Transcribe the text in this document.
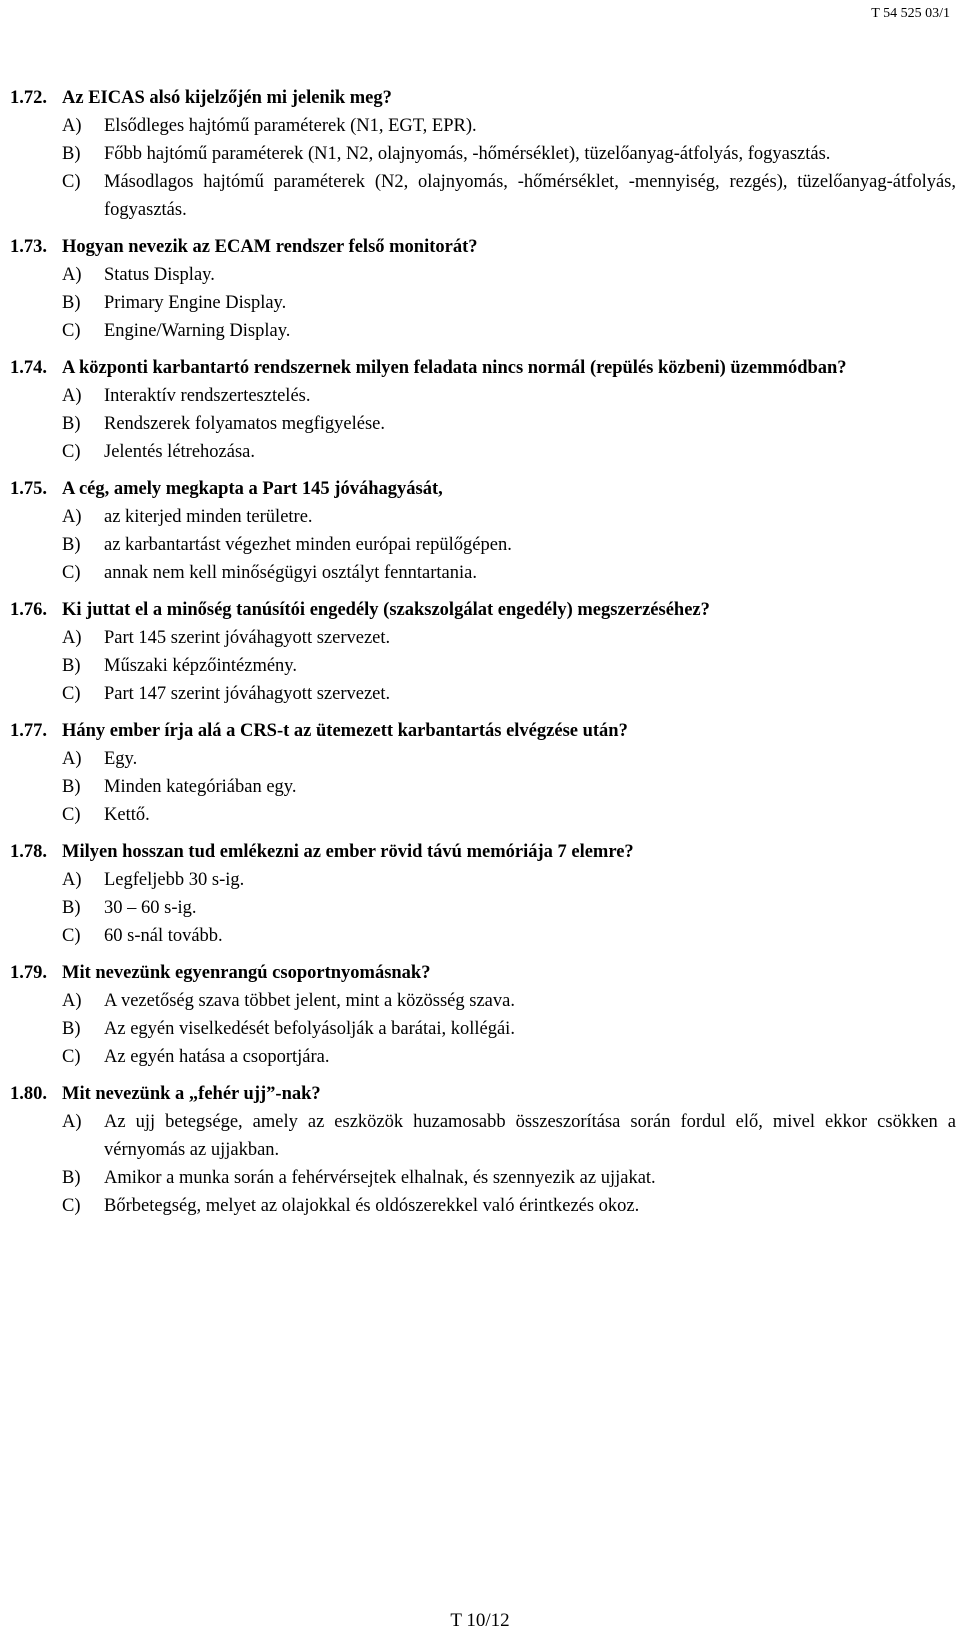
T 54 525 03/1
1.72. Az EICAS alsó kijelzőjén mi jelenik meg?
A)	Elsődleges hajtómű paraméterek (N1, EGT, EPR).
B)	Főbb hajtómű paraméterek (N1, N2, olajnyomás, -hőmérséklet), tüzelőanyag-átfolyás, fogyasztás.
C)	Másodlagos hajtómű paraméterek (N2, olajnyomás, -hőmérséklet, -mennyiség, rezgés), tüzelőanyag-átfolyás, fogyasztás.
1.73. Hogyan nevezik az ECAM rendszer felső monitorát?
A)	Status Display.
B)	Primary Engine Display.
C)	Engine/Warning Display.
1.74. A központi karbantartó rendszernek milyen feladata nincs normál (repülés közbeni) üzemmódban?
A)	Interaktív rendszertesztelés.
B)	Rendszerek folyamatos megfigyelése.
C)	Jelentés létrehozása.
1.75. A cég, amely megkapta a Part 145 jóváhagyását,
A)	az kiterjed minden területre.
B)	az karbantartást végezhet minden európai repülőgépen.
C)	annak nem kell minőségügyi osztályt fenntartania.
1.76. Ki juttat el a minőség tanúsítói engedély (szakszolgálat engedély) megszerzéséhez?
A)	Part 145 szerint jóváhagyott szervezet.
B)	Műszaki képzőintézmény.
C)	Part 147 szerint jóváhagyott szervezet.
1.77. Hány ember írja alá a CRS-t az ütemezett karbantartás elvégzése után?
A)	Egy.
B)	Minden kategóriában egy.
C)	Kettő.
1.78. Milyen hosszan tud emlékezni az ember rövid távú memóriája 7 elemre?
A)	Legfeljebb 30 s-ig.
B)	30 – 60 s-ig.
C)	60 s-nál tovább.
1.79. Mit nevezünk egyenrangú csoportnyomásnak?
A)	A vezetőség szava többet jelent, mint a közösség szava.
B)	Az egyén viselkedését befolyásolják a barátai, kollégái.
C)	Az egyén hatása a csoportjára.
1.80. Mit nevezünk a „fehér ujj”-nak?
A)	Az ujj betegsége, amely az eszközök huzamosabb összeszorítása során fordul elő, mivel ekkor csökken a vérnyomás az ujjakban.
B)	Amikor a munka során a fehérvérsejtek elhalnak, és szennyezik az ujjakat.
C)	Bőrbetegség, melyet az olajokkal és oldószerekkel való érintkezés okoz.
T 10/12
